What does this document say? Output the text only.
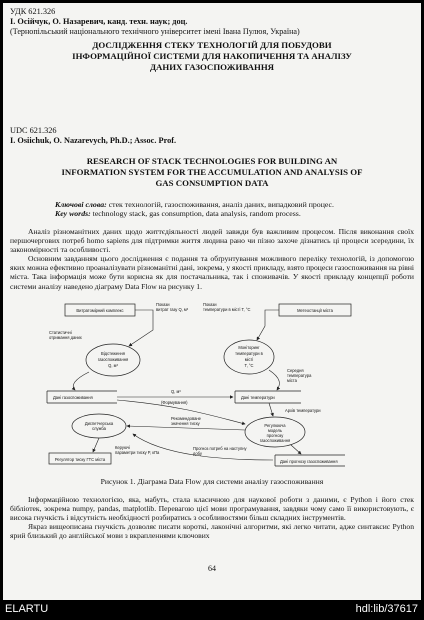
УДК 621.326
І. Осійчук, О. Назаревич, канд. техн. наук; доц.
(Тернопільський національного технічного університет імені Івана Пулюя, Україна)
ДОСЛІДЖЕННЯ СТЕКУ ТЕХНОЛОГІЙ ДЛЯ ПОБУДОВИ
ІНФОРМАЦІЙНОЇ СИСТЕМИ ДЛЯ НАКОПИЧЕННЯ ТА АНАЛІЗУ
ДАНИХ ГАЗОСПОЖИВАННЯ
UDC 621.326
I. Osiichuk, O. Nazarevych, Ph.D.; Assoc. Prof.
RESEARCH OF STACK TECHNOLOGIES FOR BUILDING AN
INFORMATION SYSTEM FOR THE ACCUMULATION AND ANALYSIS OF
GAS CONSUMPTION DATA
Ключові слова: стек технологій, газоспоживання, аналіз даних, випадковий процес.
Key words: technology stack, gas consumption, data analysis, random process.

Аналіз різноманітних даних щодо життєдіяльності людей завжди був важливим процесом. Після виконання своїх першочергових потреб homo sapiens для підтримки життя людина рано чи пізно захоче дізнатись ці процеси зсередини, їх закономірності та особливості.

Основним завданням цього дослідження є подання та обґрунтування можливого переліку технологій, із допомогою яких можна ефективно проаналізувати різноманітні дані, зокрема, у якості прикладу, взято процеси газоспоживання на рівні міста. Така інформація може бути корисна як для постачальника, так і споживачів. У якості прикладу концепції роботи системи аналізу наведено діаграму Data Flow на рисунку 1.

Витратомірний комплекс
Покази
витрат газу Q, м³	Метеостанції міста
Покази
температури в місті T, °C
Відстеження
газоспоживання
Q, м³
Моніторинг
температури в
місті
T, °C
Статистичні
отримання даних
Середня
температура
міста
Дані газоспоживання	Дані температури
Q, м³
(Формування)
Архів температури
Регулююча
модель
прогнозу
газоспоживання
Рекомендоване
значення тиску
Диспетчерська
служба
Керуючі
параметри тиску P, кПа
Регулятор тиску ГТС міста
Прогноз потреб на наступну
добу
Дані прогнозу газоспоживання
Рисунок 1. Діаграма Data Flow для системи аналізу газоспоживання

Інформаційною технологією, яка, мабуть, стала класичною для наукової роботи з даними, є Python і його стек бібліотек, зокрема numpy, pandas, matplotlib. Перевагою цієї мови програмування, завдяки чому само її використовують, є висока гнучкість і відсутність необхідності розбиратись з особливостями більш складних інструментів.

Якраз вищеописана гнучкість дозволяє писати короткі, лаконічні алгоритми, які легко читати, адже синтаксис Python ярий близький до англійської мови з вкрапленнями ключових

64
ELARTU	hdl:lib/37617
